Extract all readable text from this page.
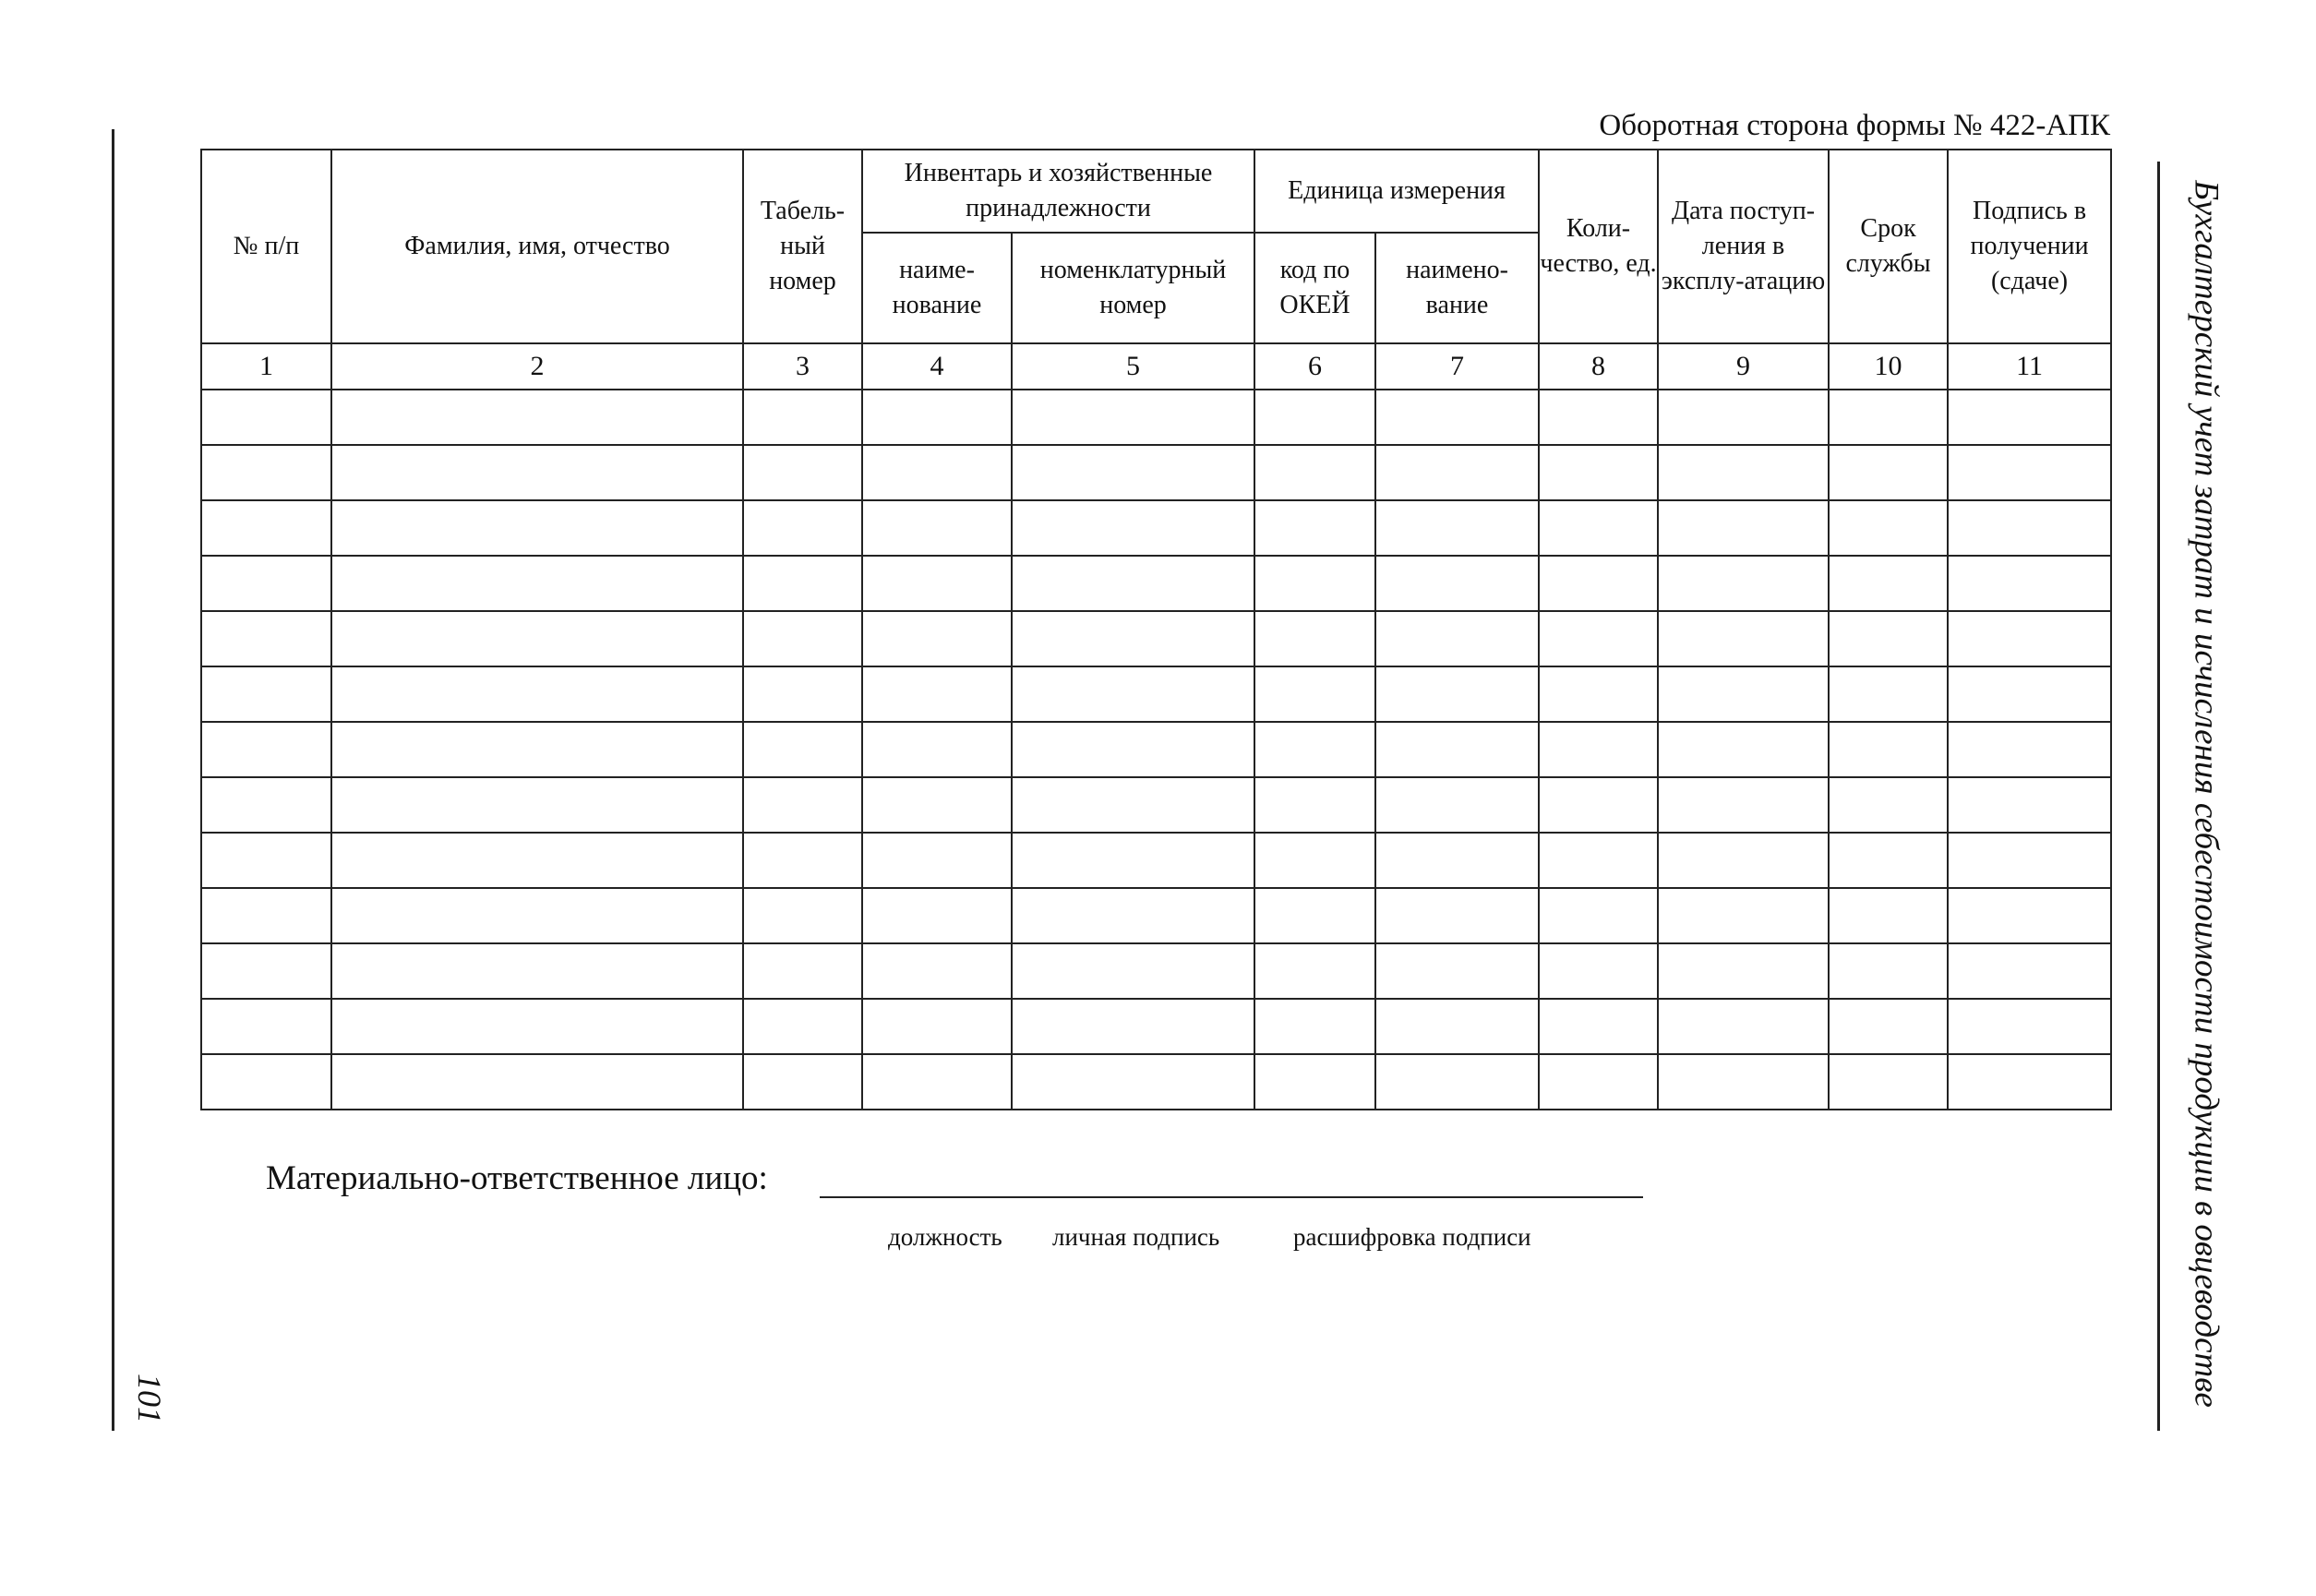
Оборотная сторона формы № 422-АПК
101	Бухгалтерский учет затрат и исчисления себестоимости продукции в овцеводстве
№ п/п	Фамилия, имя, отчество	Табель-ный номер	Инвентарь и хозяйственные принадлежности		Единица измерения		Коли-чество, ед.	Дата поступ-ления в эксплу-атацию	Срок службы	Подпись в получении (сдаче)
			наиме-нование	номенклатурный номер	код по ОКЕЙ	наимено-вание				
1	2	3	4	5	6	7	8	9	10	11

Материально-ответственное лицо:
должность личная подпись	расшифровка подписи
